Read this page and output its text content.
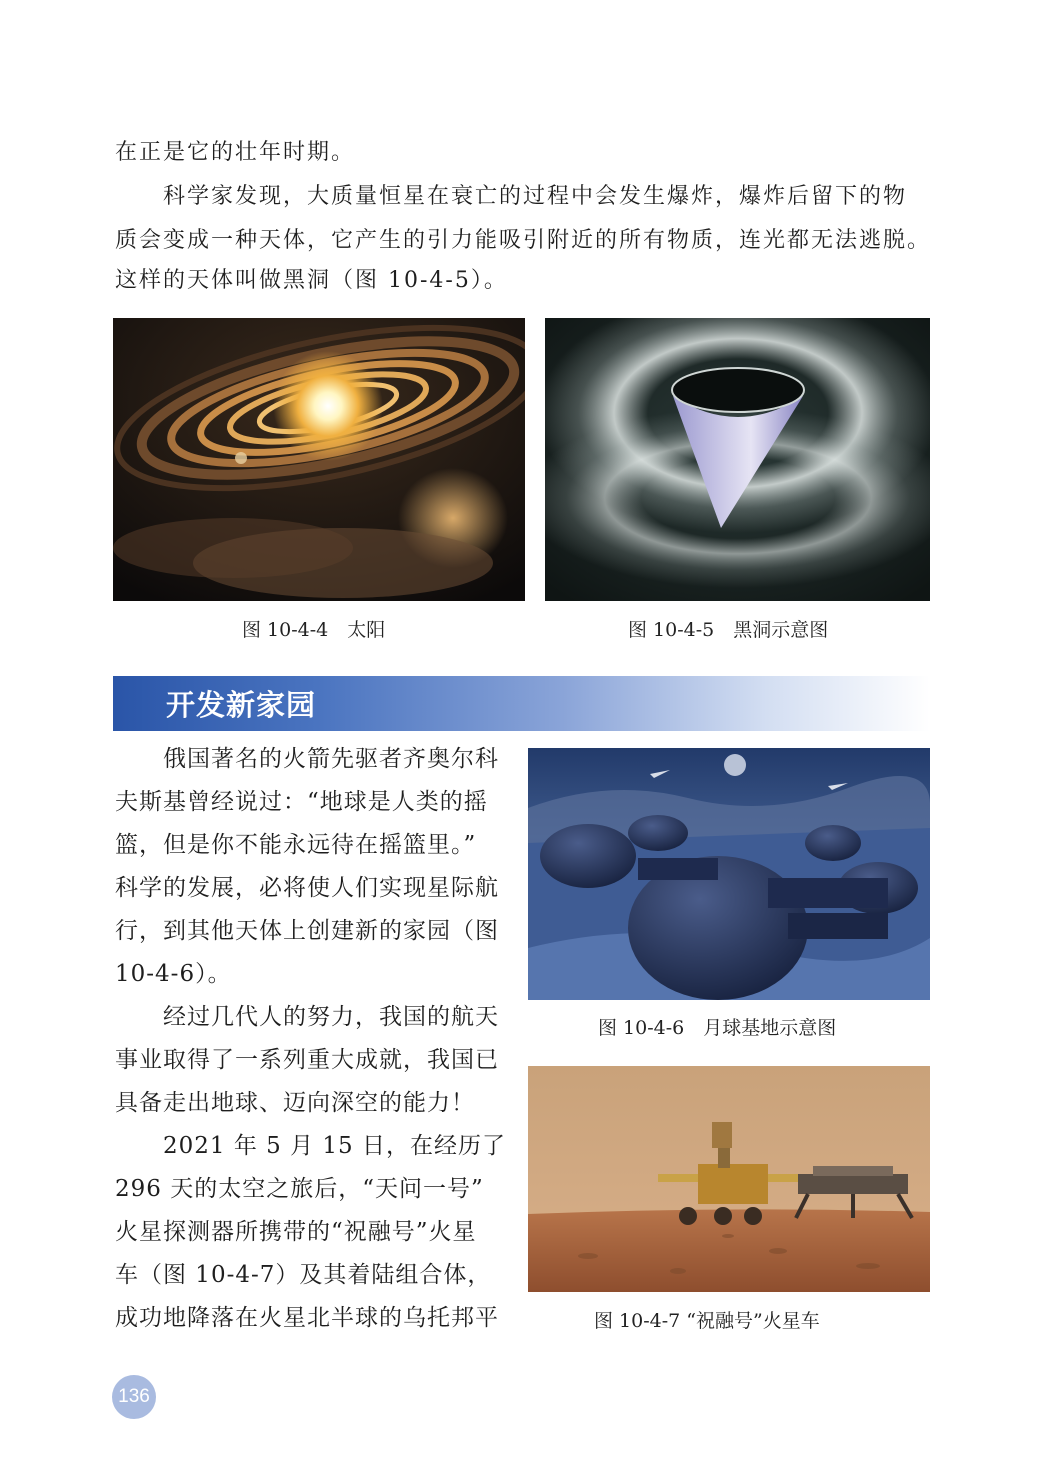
在正是它的壮年时期。
　　科学家发现，大质量恒星在衰亡的过程中会发生爆炸，爆炸后留下的物
质会变成一种天体，它产生的引力能吸引附近的所有物质，连光都无法逃脱。
这样的天体叫做黑洞（图 10-4-5）。
图 10-4-4　太阳	图 10-4-5　黑洞示意图
开发新家园
　　俄国著名的火箭先驱者齐奥尔科
夫斯基曾经说过：“地球是人类的摇
篮，但是你不能永远待在摇篮里。”
科学的发展，必将使人们实现星际航
行，到其他天体上创建新的家园（图
10-4-6）。
　　经过几代人的努力，我国的航天
事业取得了一系列重大成就，我国已
具备走出地球、迈向深空的能力！
　　2021 年 5 月 15 日，在经历了
296 天的太空之旅后，“天问一号”
火星探测器所携带的“祝融号”火星
车（图 10-4-7）及其着陆组合体，
成功地降落在火星北半球的乌托邦平
图 10-4-6　月球基地示意图
图 10-4-7 “祝融号”火星车
136
